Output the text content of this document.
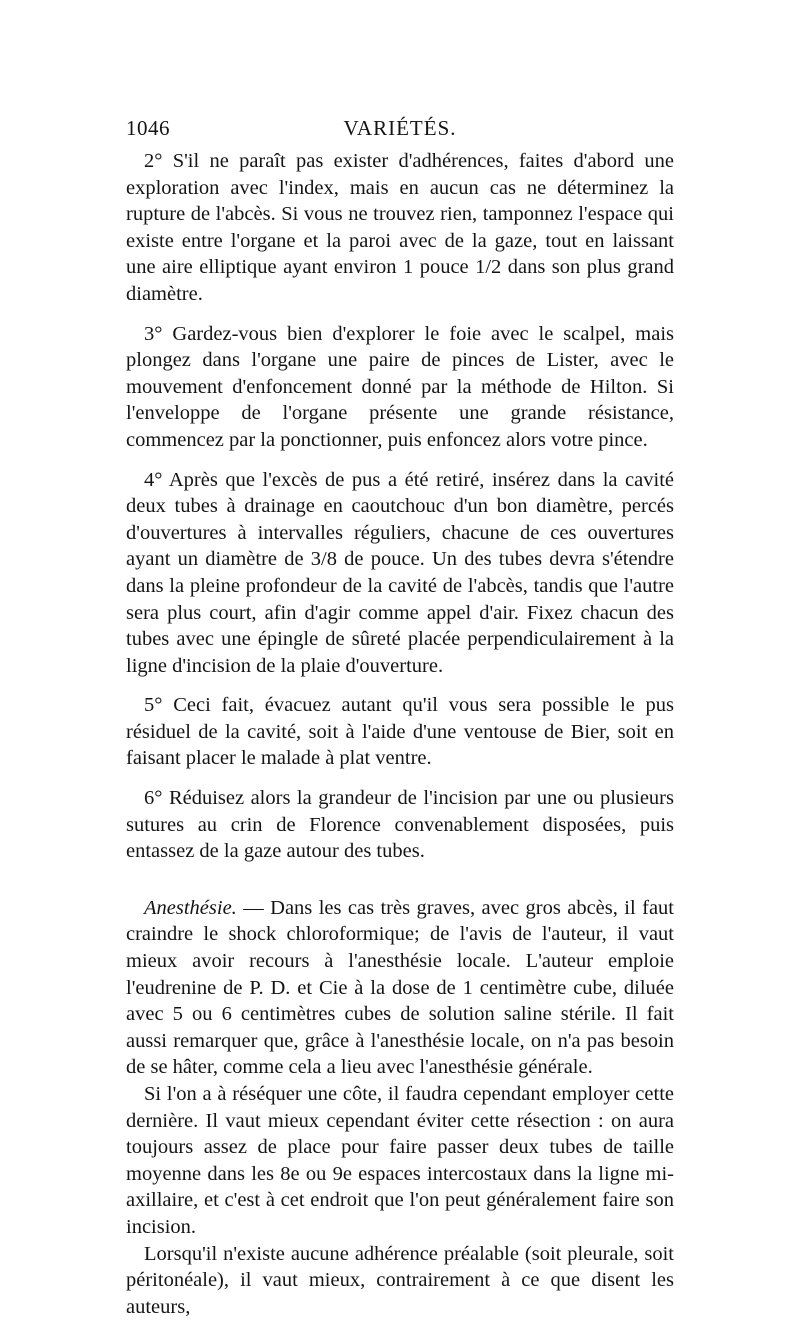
1046	VARIÉTÉS.

2° S'il ne paraît pas exister d'adhérences, faites d'abord une exploration avec l'index, mais en aucun cas ne déterminez la rupture de l'abcès. Si vous ne trouvez rien, tamponnez l'espace qui existe entre l'organe et la paroi avec de la gaze, tout en laissant une aire elliptique ayant environ 1 pouce 1/2 dans son plus grand diamètre.

3° Gardez-vous bien d'explorer le foie avec le scalpel, mais plongez dans l'organe une paire de pinces de Lister, avec le mouvement d'enfoncement donné par la méthode de Hilton. Si l'enveloppe de l'organe présente une grande résistance, commencez par la ponctionner, puis enfoncez alors votre pince.

4° Après que l'excès de pus a été retiré, insérez dans la cavité deux tubes à drainage en caoutchouc d'un bon diamètre, percés d'ouvertures à intervalles réguliers, chacune de ces ouvertures ayant un diamètre de 3/8 de pouce. Un des tubes devra s'étendre dans la pleine profondeur de la cavité de l'abcès, tandis que l'autre sera plus court, afin d'agir comme appel d'air. Fixez chacun des tubes avec une épingle de sûreté placée perpendiculairement à la ligne d'incision de la plaie d'ouverture.

5° Ceci fait, évacuez autant qu'il vous sera possible le pus résiduel de la cavité, soit à l'aide d'une ventouse de Bier, soit en faisant placer le malade à plat ventre.

6° Réduisez alors la grandeur de l'incision par une ou plusieurs sutures au crin de Florence convenablement disposées, puis entassez de la gaze autour des tubes.

Anesthésie. — Dans les cas très graves, avec gros abcès, il faut craindre le shock chloroformique; de l'avis de l'auteur, il vaut mieux avoir recours à l'anesthésie locale. L'auteur emploie l'eudrenine de P. D. et Cie à la dose de 1 centimètre cube, diluée avec 5 ou 6 centimètres cubes de solution saline stérile. Il fait aussi remarquer que, grâce à l'anesthésie locale, on n'a pas besoin de se hâter, comme cela a lieu avec l'anesthésie générale.

Si l'on a à réséquer une côte, il faudra cependant employer cette dernière. Il vaut mieux cependant éviter cette résection : on aura toujours assez de place pour faire passer deux tubes de taille moyenne dans les 8e ou 9e espaces intercostaux dans la ligne mi-axillaire, et c'est à cet endroit que l'on peut généralement faire son incision.

Lorsqu'il n'existe aucune adhérence préalable (soit pleurale, soit péritonéale), il vaut mieux, contrairement à ce que disent les auteurs,
